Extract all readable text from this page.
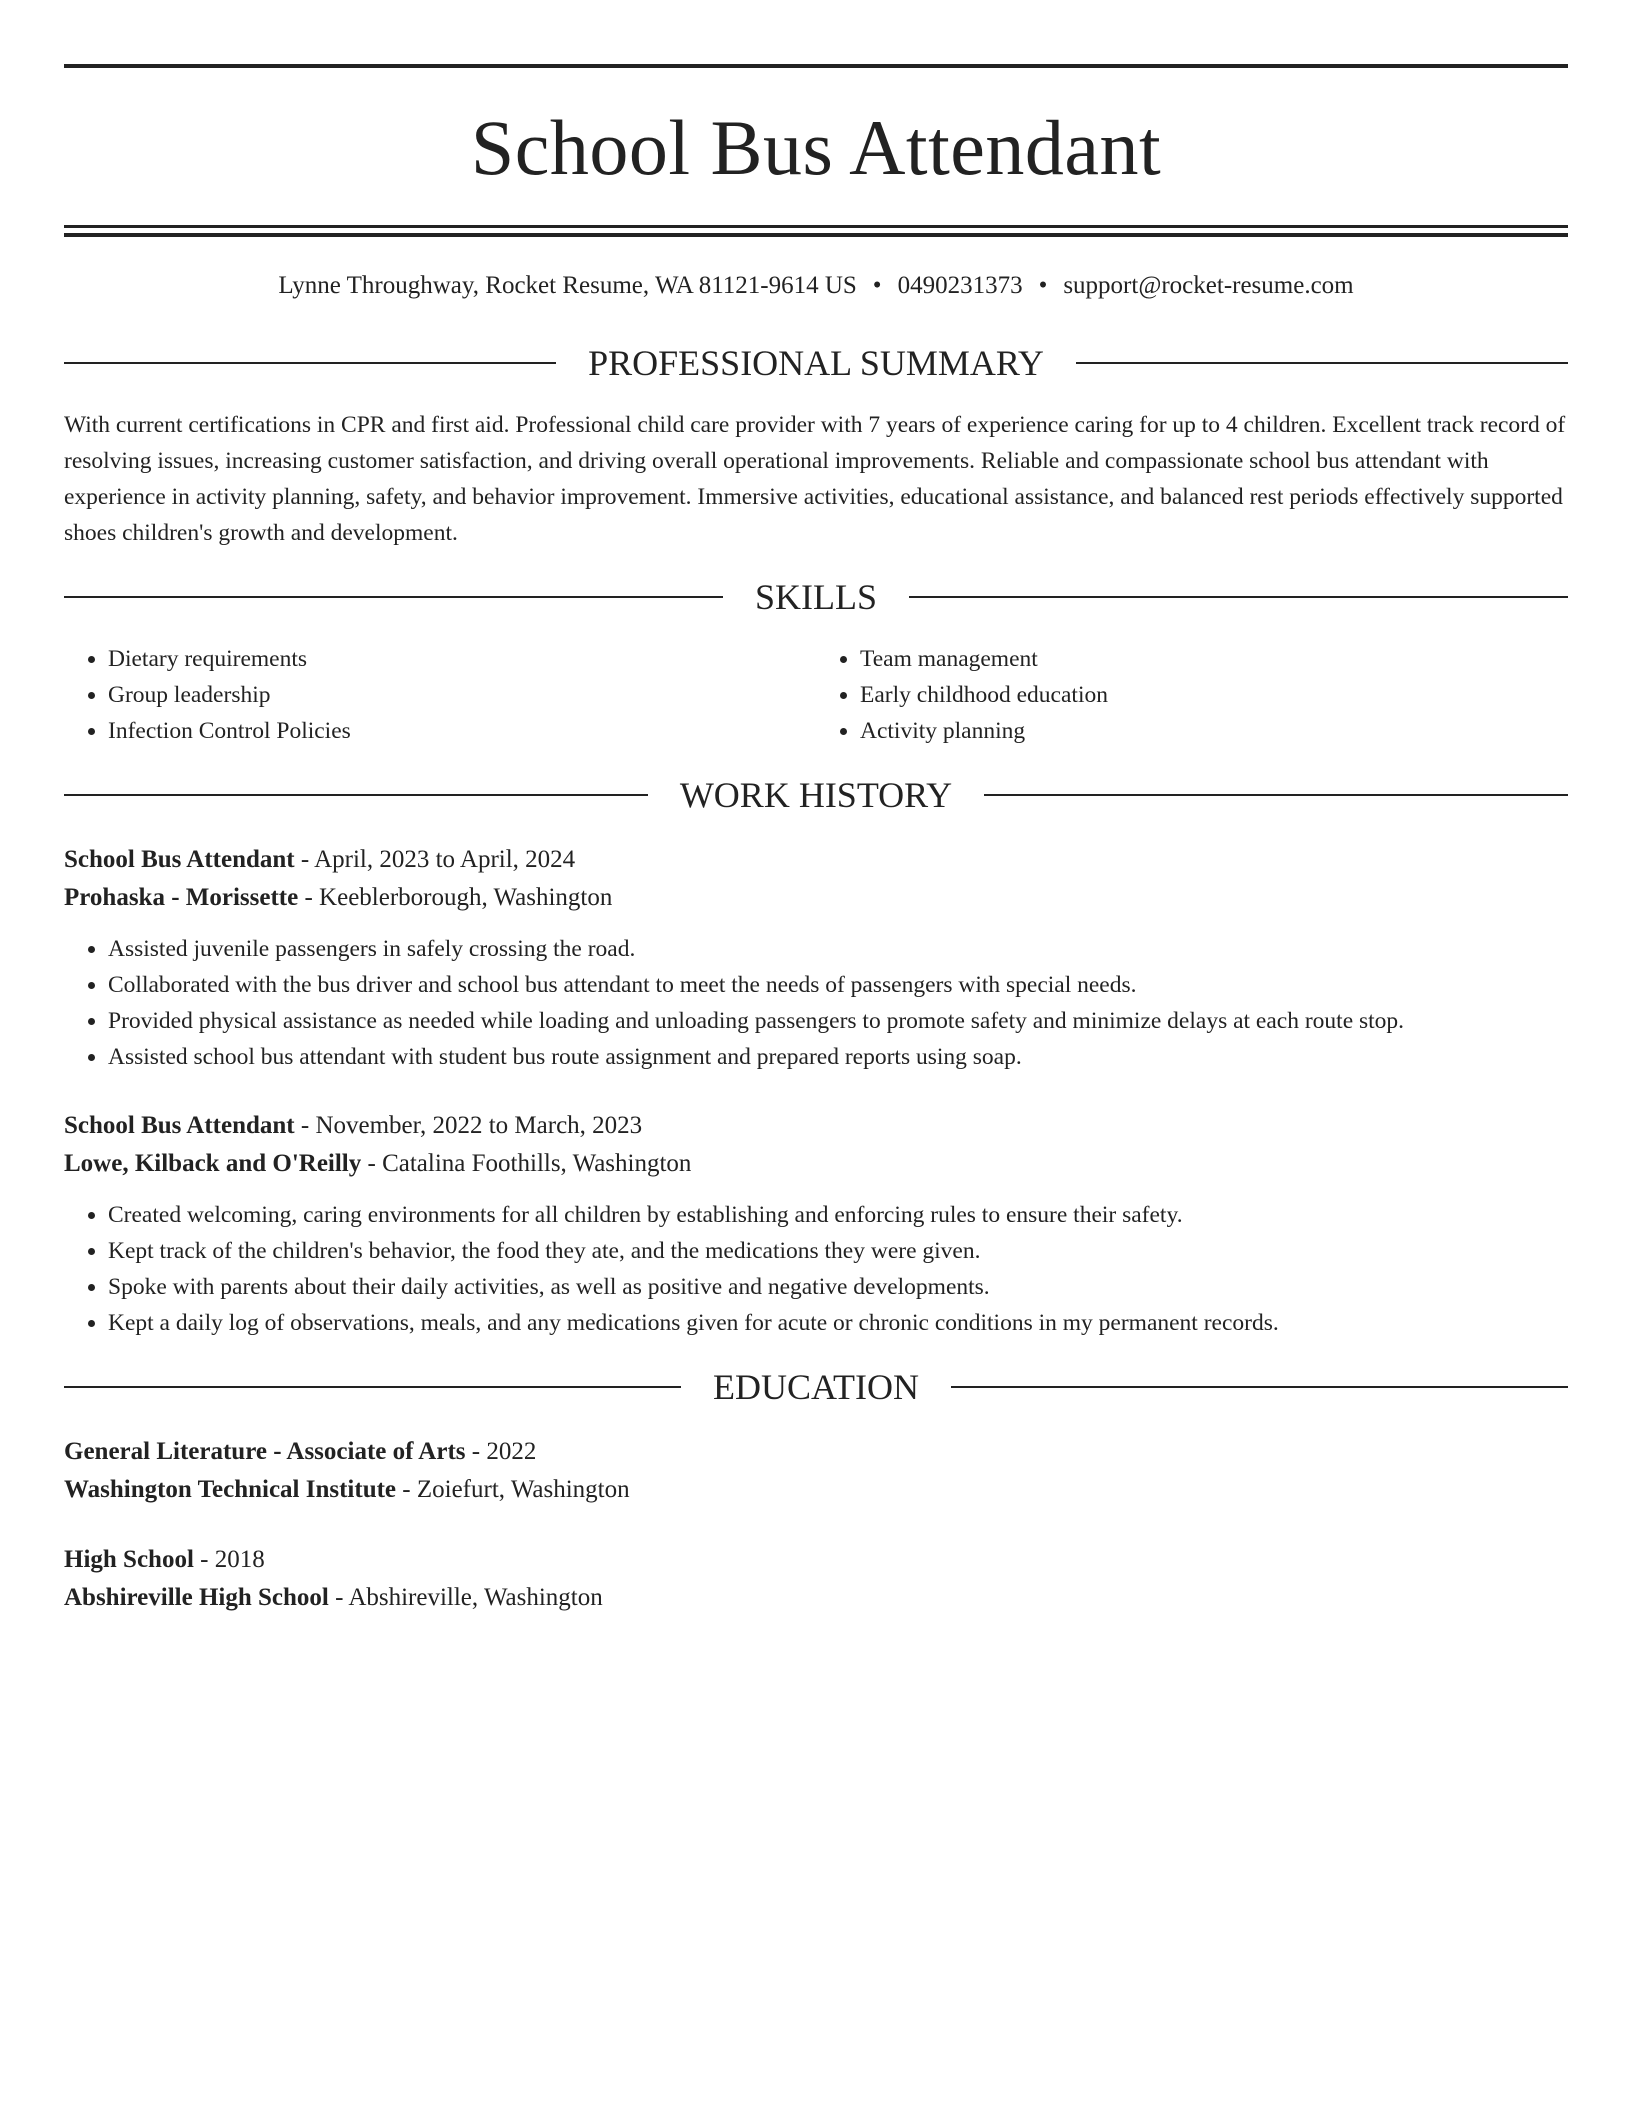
School Bus Attendant
Lynne Throughway, Rocket Resume, WA 81121-9614 US • 0490231373 • support@rocket-resume.com
PROFESSIONAL SUMMARY
With current certifications in CPR and first aid. Professional child care provider with 7 years of experience caring for up to 4 children. Excellent track record of resolving issues, increasing customer satisfaction, and driving overall operational improvements. Reliable and compassionate school bus attendant with experience in activity planning, safety, and behavior improvement. Immersive activities, educational assistance, and balanced rest periods effectively supported shoes children's growth and development.
SKILLS
• Dietary requirements
• Group leadership
• Infection Control Policies
• Team management
• Early childhood education
• Activity planning
WORK HISTORY
School Bus Attendant - April, 2023 to April, 2024
Prohaska - Morissette - Keeblerborough, Washington
• Assisted juvenile passengers in safely crossing the road.
• Collaborated with the bus driver and school bus attendant to meet the needs of passengers with special needs.
• Provided physical assistance as needed while loading and unloading passengers to promote safety and minimize delays at each route stop.
• Assisted school bus attendant with student bus route assignment and prepared reports using soap.
School Bus Attendant - November, 2022 to March, 2023
Lowe, Kilback and O'Reilly - Catalina Foothills, Washington
• Created welcoming, caring environments for all children by establishing and enforcing rules to ensure their safety.
• Kept track of the children's behavior, the food they ate, and the medications they were given.
• Spoke with parents about their daily activities, as well as positive and negative developments.
• Kept a daily log of observations, meals, and any medications given for acute or chronic conditions in my permanent records.
EDUCATION
General Literature - Associate of Arts - 2022
Washington Technical Institute - Zoiefurt, Washington
High School - 2018
Abshireville High School - Abshireville, Washington
